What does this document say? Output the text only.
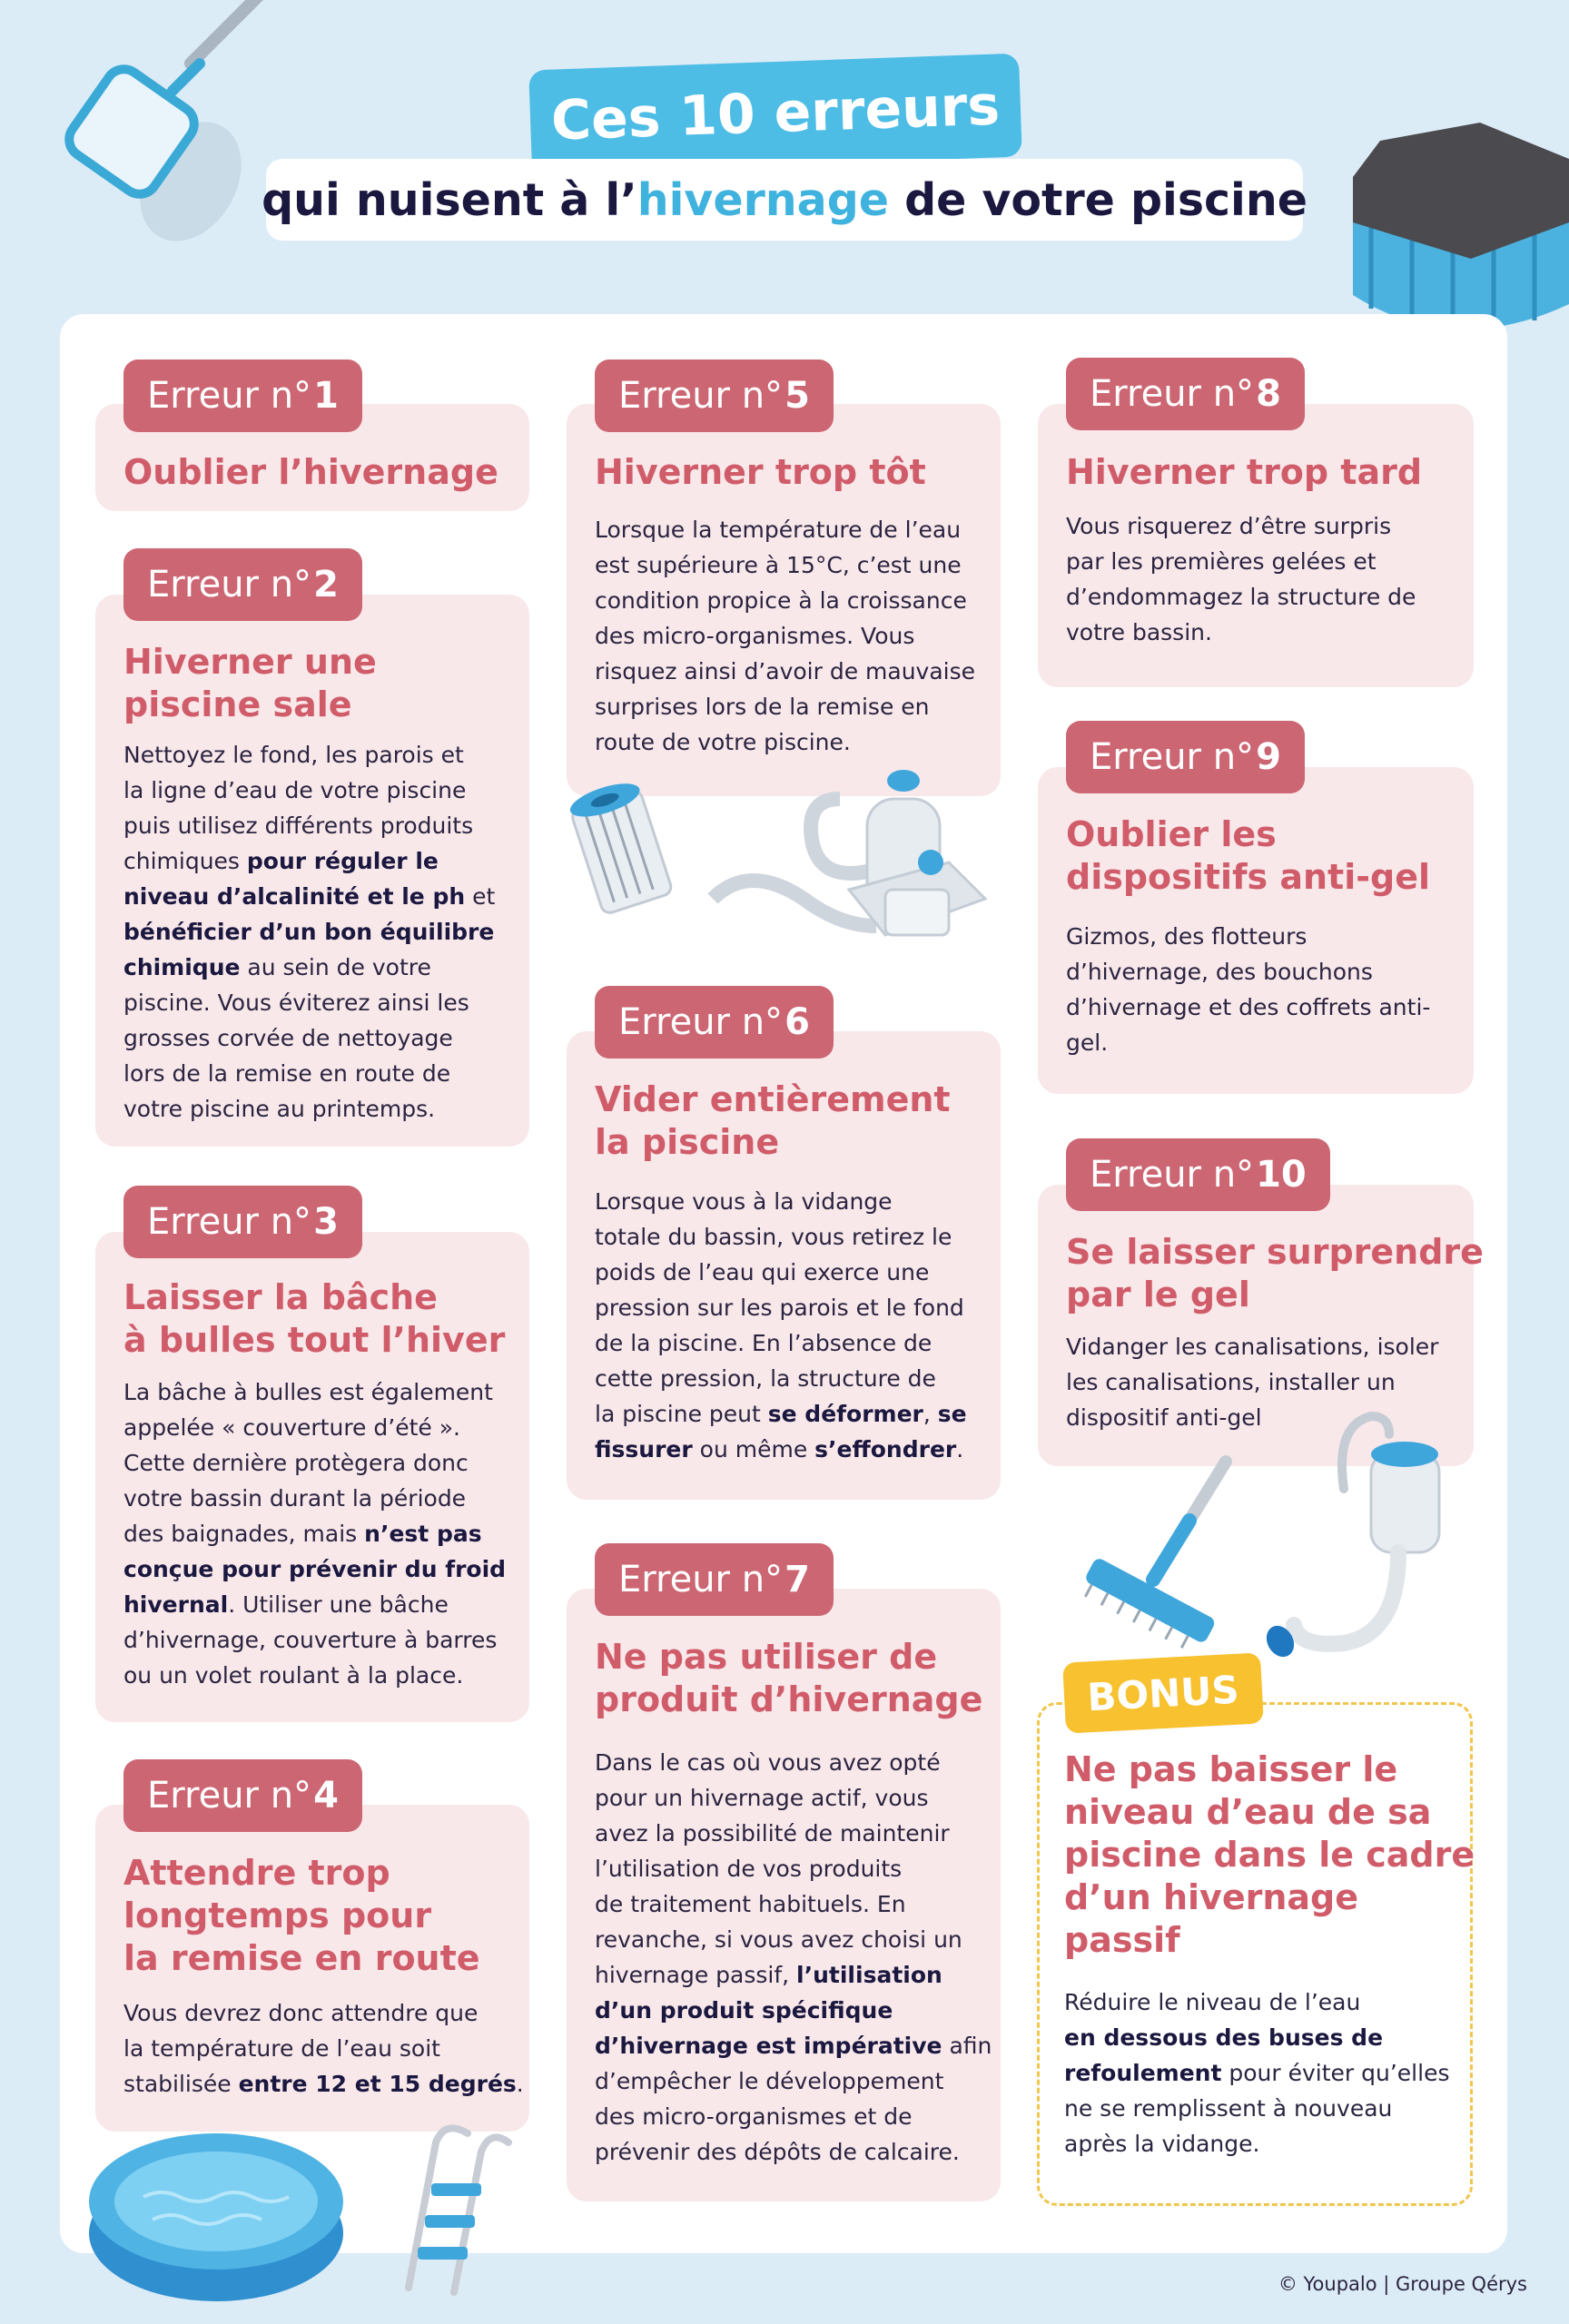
Ces 10 erreurs
qui nuisent à l’ hivernage de votre piscine
Erreur n° 1
Oublier l’hivernage
Erreur n° 2
Hiverner une
piscine sale
Nettoyez le fond, les parois et
la ligne d’eau de votre piscine
puis utilisez différents produits
chimiques pour réguler le
niveau d’alcalinité et le ph et
bénéficier d’un bon équilibre
chimique au sein de votre
piscine. Vous éviterez ainsi les
grosses corvée de nettoyage
lors de la remise en route de
votre piscine au printemps.
Erreur n° 3
Laisser la bâche
à bulles tout l’hiver
La bâche à bulles est également
appelée « couverture d’été ».
Cette dernière protègera donc
votre bassin durant la période
des baignades, mais n’est pas
conçue pour prévenir du froid
hivernal. Utiliser une bâche
d’hivernage, couverture à barres
ou un volet roulant à la place.
Erreur n° 4
Attendre trop
longtemps pour
la remise en route
Vous devrez donc attendre que
la température de l’eau soit
stabilisée entre 12 et 15 degrés.
Erreur n° 5
Hiverner trop tôt
Lorsque la température de l’eau
est supérieure à 15°C, c’est une
condition propice à la croissance
des micro-organismes. Vous
risquez ainsi d’avoir de mauvaise
surprises lors de la remise en
route de votre piscine.
Erreur n° 6
Vider entièrement
la piscine
Lorsque vous à la vidange
totale du bassin, vous retirez le
poids de l’eau qui exerce une
pression sur les parois et le fond
de la piscine. En l’absence de
cette pression, la structure de
la piscine peut se déformer, se
fissurer ou même s’effondrer.
Erreur n° 7
Ne pas utiliser de
produit d’hivernage
Dans le cas où vous avez opté
pour un hivernage actif, vous
avez la possibilité de maintenir
l’utilisation de vos produits
de traitement habituels. En
revanche, si vous avez choisi un
hivernage passif, l’utilisation
d’un produit spécifique
d’hivernage est impérative afin
d’empêcher le développement
des micro-organismes et de
prévenir des dépôts de calcaire.
Erreur n° 8
Hiverner trop tard
Vous risquerez d’être surpris
par les premières gelées et
d’endommagez la structure de
votre bassin.
Erreur n° 9
Oublier les
dispositifs anti-gel
Gizmos, des flotteurs
d’hivernage, des bouchons
d’hivernage et des coffrets anti-
gel.
Erreur n° 10
Se laisser surprendre
par le gel
Vidanger les canalisations, isoler
les canalisations, installer un
dispositif anti-gel
BONUS
Ne pas baisser le
niveau d’eau de sa
piscine dans le cadre
d’un hivernage
passif
Réduire le niveau de l’eau
en dessous des buses de
refoulement pour éviter qu’elles
ne se remplissent à nouveau
après la vidange.
© Youpalo | Groupe Qérys
